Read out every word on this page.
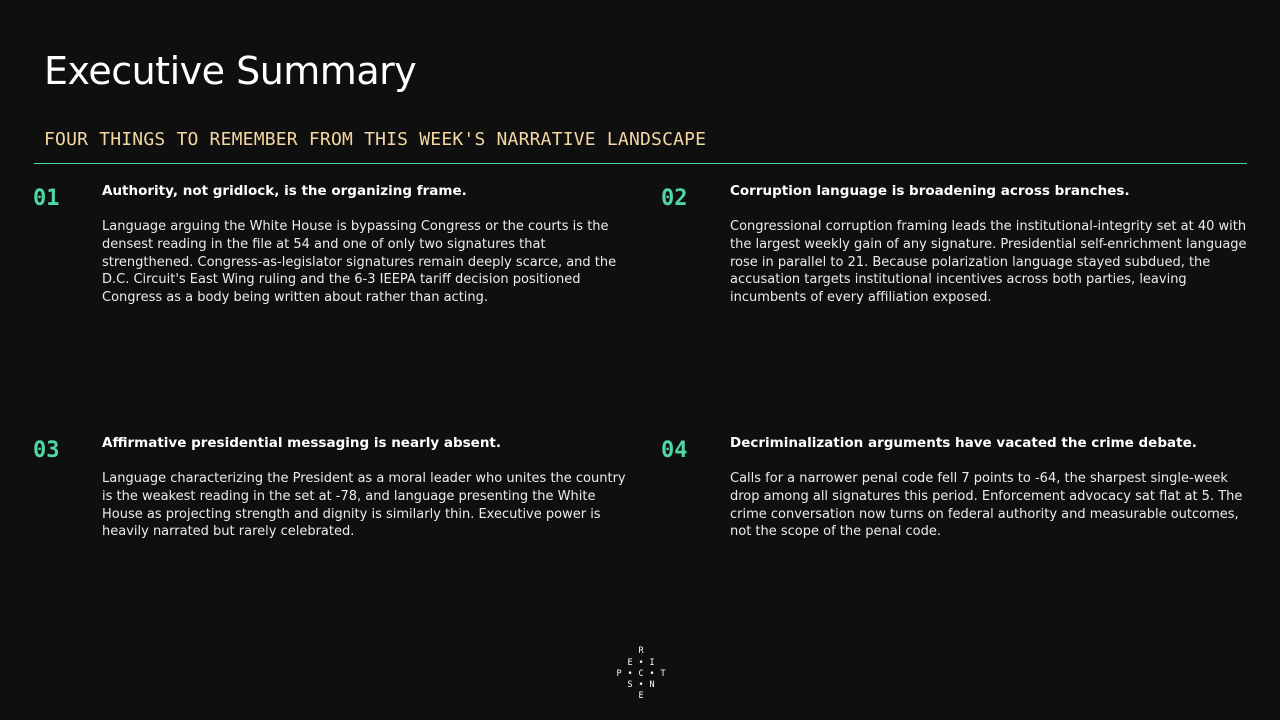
Executive Summary
FOUR THINGS TO REMEMBER FROM THIS WEEK'S NARRATIVE LANDSCAPE
01	Authority, not gridlock, is the organizing frame.
Language arguing the White House is bypassing Congress or the courts is the densest reading in the file at 54 and one of only two signatures that strengthened. Congress-as-legislator signatures remain deeply scarce, and the D.C. Circuit's East Wing ruling and the 6-3 IEEPA tariff decision positioned Congress as a body being written about rather than acting.
02	Corruption language is broadening across branches.
Congressional corruption framing leads the institutional-integrity set at 40 with the largest weekly gain of any signature. Presidential self-enrichment language rose in parallel to 21. Because polarization language stayed subdued, the accusation targets institutional incentives across both parties, leaving incumbents of every affiliation exposed.
03	Affirmative presidential messaging is nearly absent.
Language characterizing the President as a moral leader who unites the country is the weakest reading in the set at -78, and language presenting the White House as projecting strength and dignity is similarly thin. Executive power is heavily narrated but rarely celebrated.
04	Decriminalization arguments have vacated the crime debate.
Calls for a narrower penal code fell 7 points to -64, the sharpest single-week drop among all signatures this period. Enforcement advocacy sat flat at 5. The crime conversation now turns on federal authority and measurable outcomes, not the scope of the penal code.
R
E • I
P • C • T
S • N
E
